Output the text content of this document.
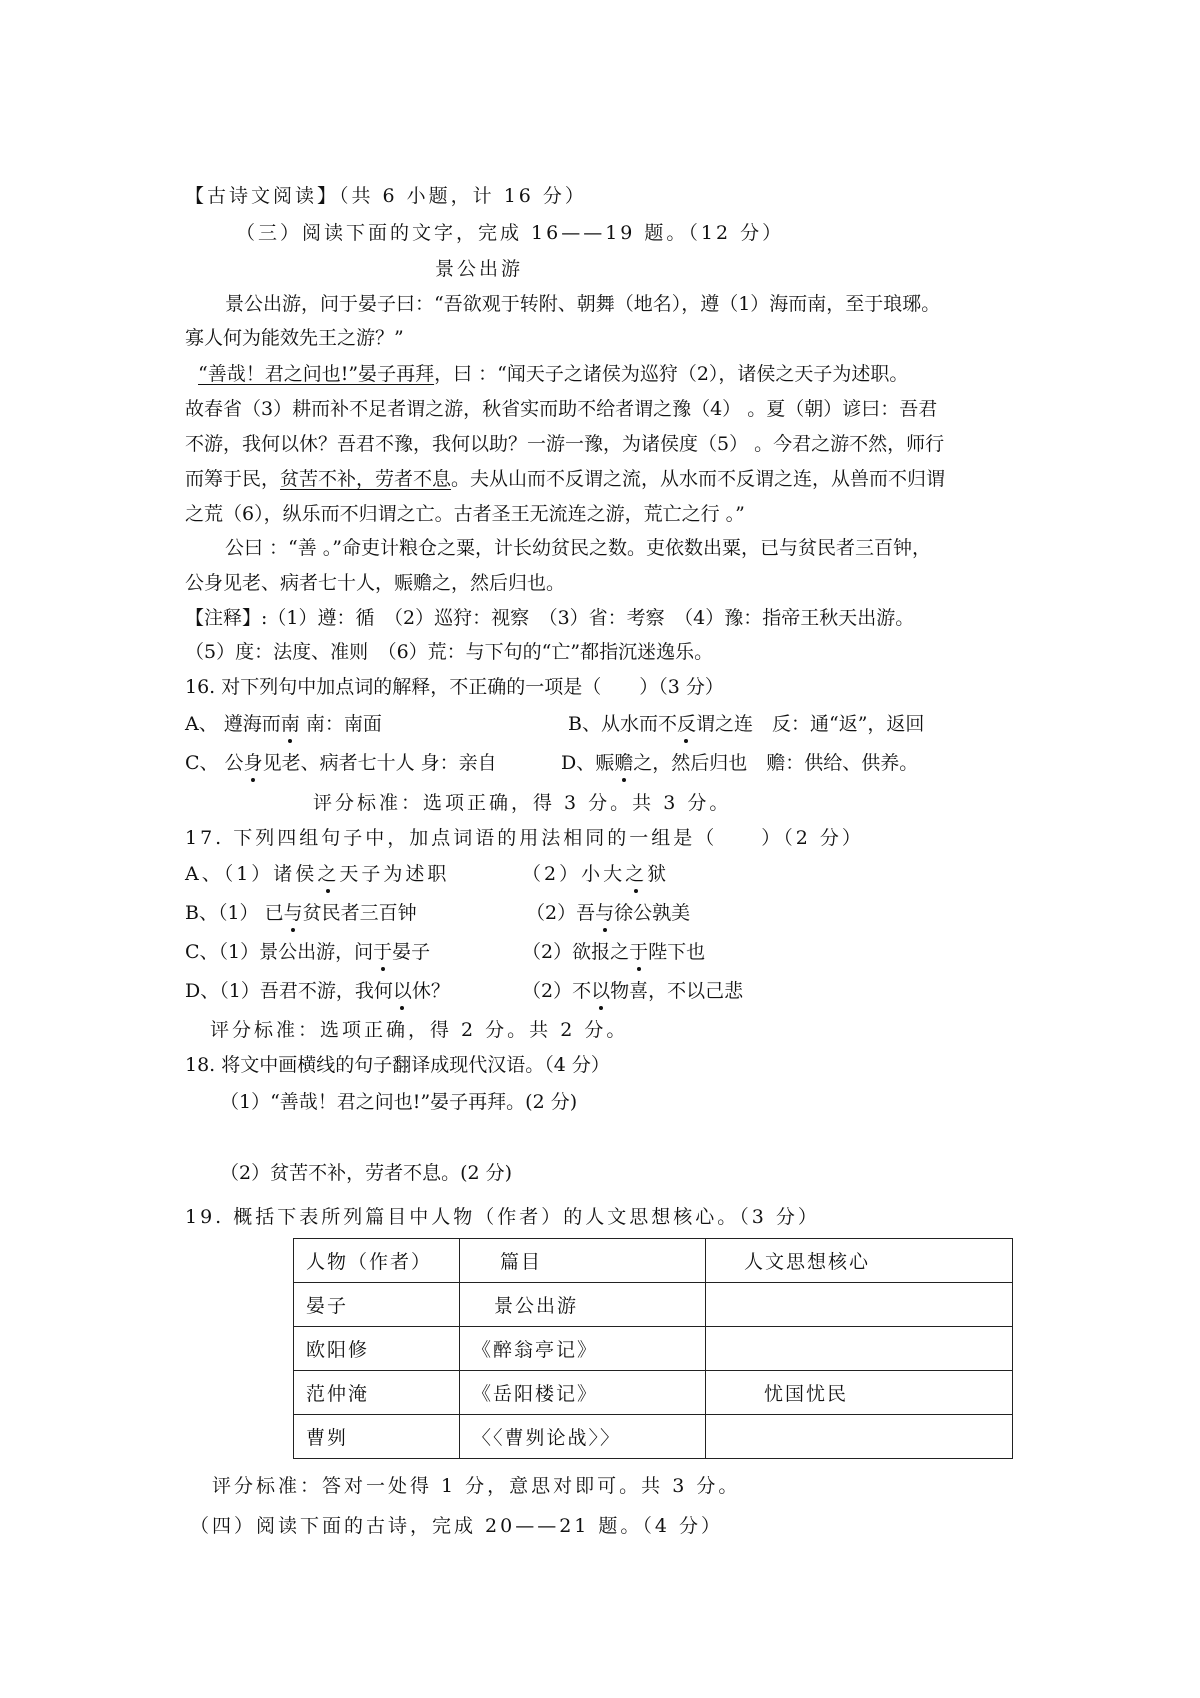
【古诗文阅读】（共 6 小题，计 16 分）
（三）阅读下面的文字，完成 16——19 题。（12 分）
景公出游
景公出游，问于晏子曰：“吾欲观于转附、朝舞（地名），遵（1）海而南，至于琅琊。
寡人何为能效先王之游？”
“善哉！君之问也!”晏子再拜，曰 ：“闻天子之诸侯为巡狩（2），诸侯之天子为述职。
故春省（3）耕而补不足者谓之游，秋省实而助不给者谓之豫（4） 。夏（朝）谚曰：吾君
不游，我何以休？吾君不豫，我何以助？一游一豫，为诸侯度（5） 。今君之游不然，师行
而筹于民，贫苦不补，劳者不息。夫从山而不反谓之流，从水而不反谓之连，从兽而不归谓
之荒（6），纵乐而不归谓之亡。古者圣王无流连之游，荒亡之行 。”
公曰 ：“善 。”命吏计粮仓之粟，计长幼贫民之数。吏依数出粟，已与贫民者三百钟，
公身见老、病者七十人，赈赡之，然后归也。
【注释】:（1）遵：循　（2）巡狩：视察　（3）省：考察　（4）豫：指帝王秋天出游。
（5）度：法度、准则　（6）荒：与下句的“亡”都指沉迷逸乐。
16. 对下列句中加点词的解释，不正确的一项是（　　）（3 分）
A、 遵海而南 南：南面	B、从水而不反谓之连　反：通“返”，返回
C、 公身见老、病者七十人 身：亲自	D、赈赡之，然后归也　赡：供给、供养。
评分标准：选项正确，得 3 分。共 3 分。
17. 下列四组句子中，加点词语的用法相同的一组是（　　）（2 分）
A、（1）诸侯之天子为述职	（2）小大之狱
B、（1） 已与贫民者三百钟	（2）吾与徐公孰美
C、（1）景公出游，问于晏子	（2）欲报之于陛下也
D、（1）吾君不游，我何以休？	（2）不以物喜，不以己悲
评分标准：选项正确，得 2 分。共 2 分。
18. 将文中画横线的句子翻译成现代汉语。（4 分）
（1）“善哉！君之问也!”晏子再拜。(2 分)
（2）贫苦不补，劳者不息。(2 分)
19. 概括下表所列篇目中人物（作者）的人文思想核心。（3 分）
人物（作者）	篇目	人文思想核心
晏子	景公出游	
欧阳修	《醉翁亭记》	
范仲淹	《岳阳楼记》	忧国忧民
曹刿	〈〈曹刿论战〉〉	
评分标准：答对一处得 1 分，意思对即可。共 3 分。
（四）阅读下面的古诗，完成 20——21 题。（4 分）
